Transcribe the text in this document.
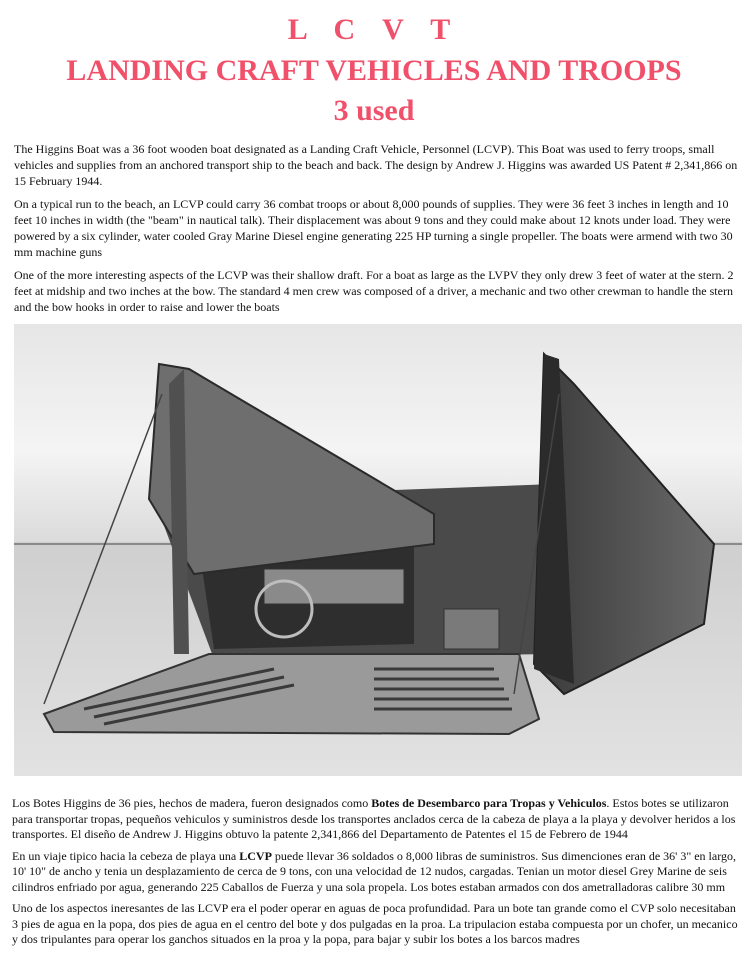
L C V T
LANDING CRAFT VEHICLES AND TROOPS
3 used

The Higgins Boat was a 36 foot wooden boat designated as a Landing Craft Vehicle, Personnel (LCVP). This Boat was used to ferry troops, small vehicles and supplies from an anchored transport ship to the beach and back. The design by Andrew J. Higgins was awarded US Patent # 2,341,866 on 15 February 1944.

On a typical run to the beach, an LCVP could carry 36 combat troops or about 8,000 pounds of supplies. They were 36 feet 3 inches in length and 10 feet 10 inches in width (the "beam" in nautical talk). Their displacement was about 9 tons and they could make about 12 knots under load. They were powered by a six cylinder, water cooled Gray Marine Diesel engine generating 225 HP turning a single propeller. The boats were armend with two 30 mm machine guns

One of the more interesting aspects of the LCVP was their shallow draft. For a boat as large as the LVPV they only drew 3 feet of water at the stern. 2 feet at midship and two inches at the bow. The standard 4 men crew was composed of a driver, a mechanic and two other crewman to handle the stern and the bow hooks in order to raise and lower the boats

Los Botes Higgins de 36 pies, hechos de madera, fueron designados como Botes de Desembarco para Tropas y Vehiculos. Estos botes se utilizaron para transportar tropas, pequeños vehiculos y suministros desde los transportes anclados cerca de la cabeza de playa a la playa y devolver heridos a los transportes. El diseño de Andrew J. Higgins obtuvo la patente 2,341,866 del Departamento de Patentes el 15 de Febrero de 1944

En un viaje tipico hacia la cebeza de playa una LCVP puede llevar 36 soldados o 8,000 libras de suministros. Sus dimenciones eran de 36' 3" en largo, 10' 10" de ancho y tenia un desplazamiento de cerca de 9 tons, con una velocidad de 12 nudos, cargadas. Tenian un motor diesel Grey Marine de seis cilindros enfriado por agua, generando 225 Caballos de Fuerza y una sola propela. Los botes estaban armados con dos ametralladoras calibre 30 mm

Uno de los aspectos ineresantes de las LCVP era el poder operar en aguas de poca profundidad. Para un bote tan grande como el CVP solo necesitaban 3 pies de agua en la popa, dos pies de agua en el centro del bote y dos pulgadas en la proa. La tripulacion estaba compuesta por un chofer, un mecanico y dos tripulantes para operar los ganchos situados en la proa y la popa, para bajar y subir los botes a los barcos madres
